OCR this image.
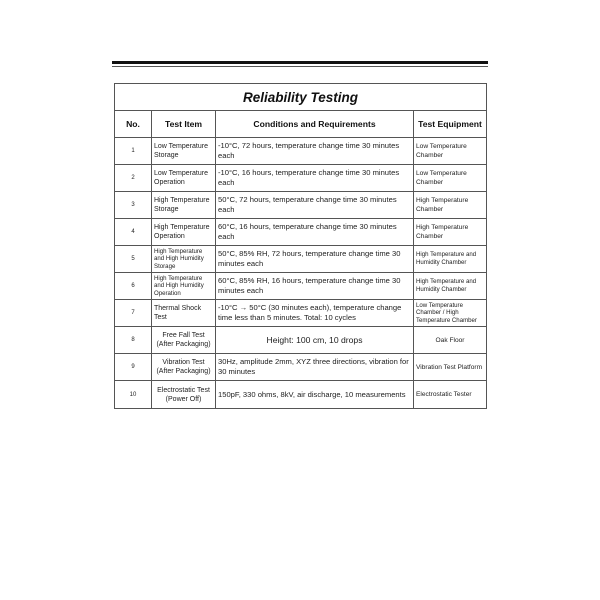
Reliability Testing			
No.	Test Item	Conditions and Requirements	Test Equipment
1	Low Temperature Storage	-10°C, 72 hours, temperature change time 30 minutes each	Low Temperature Chamber
2	Low Temperature Operation	-10°C, 16 hours, temperature change time 30 minutes each	Low Temperature Chamber
3	High Temperature Storage	50°C, 72 hours, temperature change time 30 minutes each	High Temperature Chamber
4	High Temperature Operation	60°C, 16 hours, temperature change time 30 minutes each	High Temperature Chamber
5	High Temperature and High Humidity Storage	50°C, 85% RH, 72 hours, temperature change time 30 minutes each	High Temperature and Humidity Chamber
6	High Temperature and High Humidity Operation	60°C, 85% RH, 16 hours, temperature change time 30 minutes each	High Temperature and Humidity Chamber
7	Thermal Shock Test	-10°C → 50°C (30 minutes each), temperature change time less than 5 minutes. Total: 10 cycles	Low Temperature Chamber / High Temperature Chamber
8	Free Fall Test (After Packaging)	Height: 100 cm, 10 drops	Oak Floor
9	Vibration Test (After Packaging)	30Hz, amplitude 2mm, XYZ three directions, vibration for 30 minutes	Vibration Test Platform
10	Electrostatic Test (Power Off)	150pF, 330 ohms, 8kV, air discharge, 10 measurements	Electrostatic Tester
